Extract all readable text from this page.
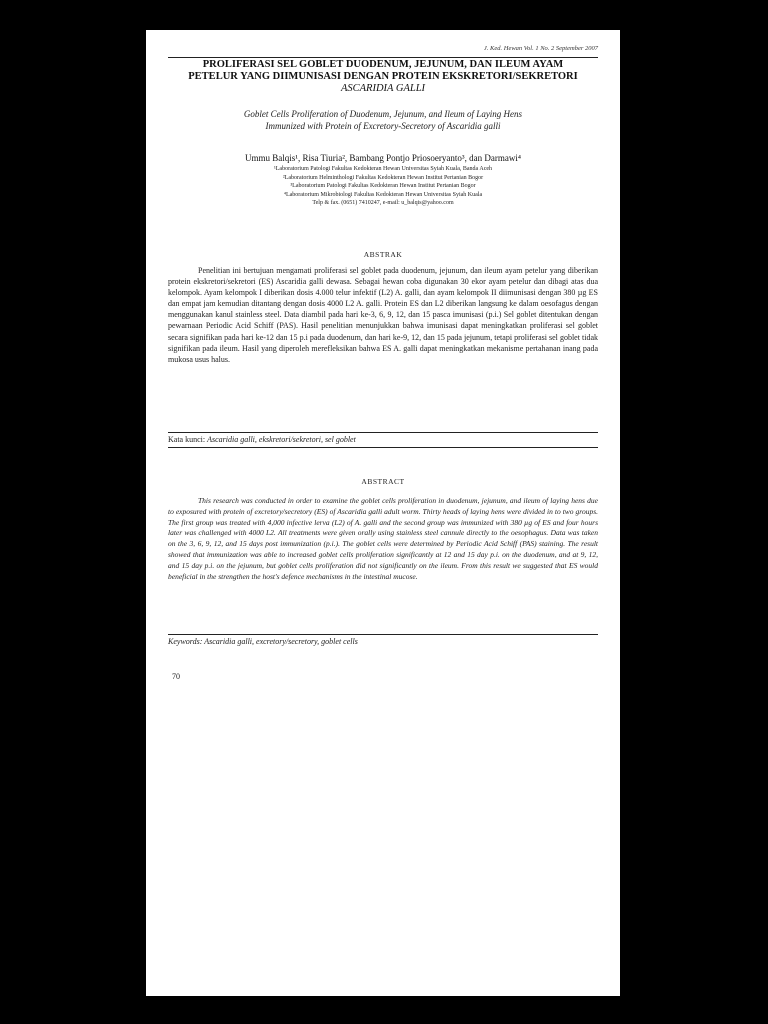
J. Ked. Hewan Vol. 1 No. 2 September 2007
PROLIFERASI SEL GOBLET DUODENUM, JEJUNUM, DAN ILEUM AYAM
PETELUR YANG DIIMUNISASI DENGAN PROTEIN EKSKRETORI/SEKRETORI
ASCARIDIA GALLI
Goblet Cells Proliferation of Duodenum, Jejunum, and Ileum of Laying Hens
Immunized with Protein of Excretory-Secretory of Ascaridia galli
Ummu Balqis¹, Risa Tiuria², Bambang Pontjo Priosoeryanto³, dan Darmawi⁴
¹Laboratorium Patologi Fakultas Kedokteran Hewan Universitas Syiah Kuala, Banda Aceh
²Laboratorium Helminthologi Fakultas Kedokteran Hewan Institut Pertanian Bogor
³Laboratorium Patologi Fakultas Kedokteran Hewan Institut Pertanian Bogor
⁴Laboratorium Mikrobiologi Fakultas Kedokteran Hewan Universitas Syiah Kuala
Telp & fax. (0651) 7410247, e-mail: u_balqis@yahoo.com
ABSTRAK

Penelitian ini bertujuan mengamati proliferasi sel goblet pada duodenum, jejunum, dan ileum ayam petelur yang diberikan protein ekskretori/sekretori (ES) Ascaridia galli dewasa. Sebagai hewan coba digunakan 30 ekor ayam petelur dan dibagi atas dua kelompok. Ayam kelompok I diberikan dosis 4.000 telur infektif (L2) A. galli, dan ayam kelompok II diimunisasi dengan 380 µg ES dan empat jam kemudian ditantang dengan dosis 4000 L2 A. galli. Protein ES dan L2 diberikan langsung ke dalam oesofagus dengan menggunakan kanul stainless steel. Data diambil pada hari ke-3, 6, 9, 12, dan 15 pasca imunisasi (p.i.) Sel goblet ditentukan dengan pewarnaan Periodic Acid Schiff (PAS). Hasil penelitian menunjukkan bahwa imunisasi dapat meningkatkan proliferasi sel goblet secara signifikan pada hari ke-12 dan 15 p.i pada duodenum, dan hari ke-9, 12, dan 15 pada jejunum, tetapi proliferasi sel goblet tidak signifikan pada ileum. Hasil yang diperoleh merefleksikan bahwa ES A. galli dapat meningkatkan mekanisme pertahanan inang pada mukosa usus halus.

Kata kunci: Ascaridia galli, ekskretori/sekretori, sel goblet
ABSTRACT

This research was conducted in order to examine the goblet cells proliferation in duodenum, jejunum, and ileum of laying hens due to exposured with protein of excretory/secretory (ES) of Ascaridia galli adult worm. Thirty heads of laying hens were divided in to two groups. The first group was treated with 4,000 infective lerva (L2) of A. galli and the second group was immunized with 380 µg of ES and four hours later was challenged with 4000 L2. All treatments were given orally using stainless steel cannule directly to the oesophagus. Data was taken on the 3, 6, 9, 12, and 15 days post immunization (p.i.). The goblet cells were determined by Periodic Acid Schiff (PAS) staining. The result showed that immunization was able to increased goblet cells proliferation significantly at 12 and 15 day p.i. on the duodenum, and at 9, 12, and 15 day p.i. on the jejunum, but goblet cells proliferation did not significantly on the ileum. From this result we suggested that ES would beneficial in the strengthen the host's defence mechanisms in the intestinal mucose.

Keywords: Ascaridia galli, excretory/secretory, goblet cells
70
